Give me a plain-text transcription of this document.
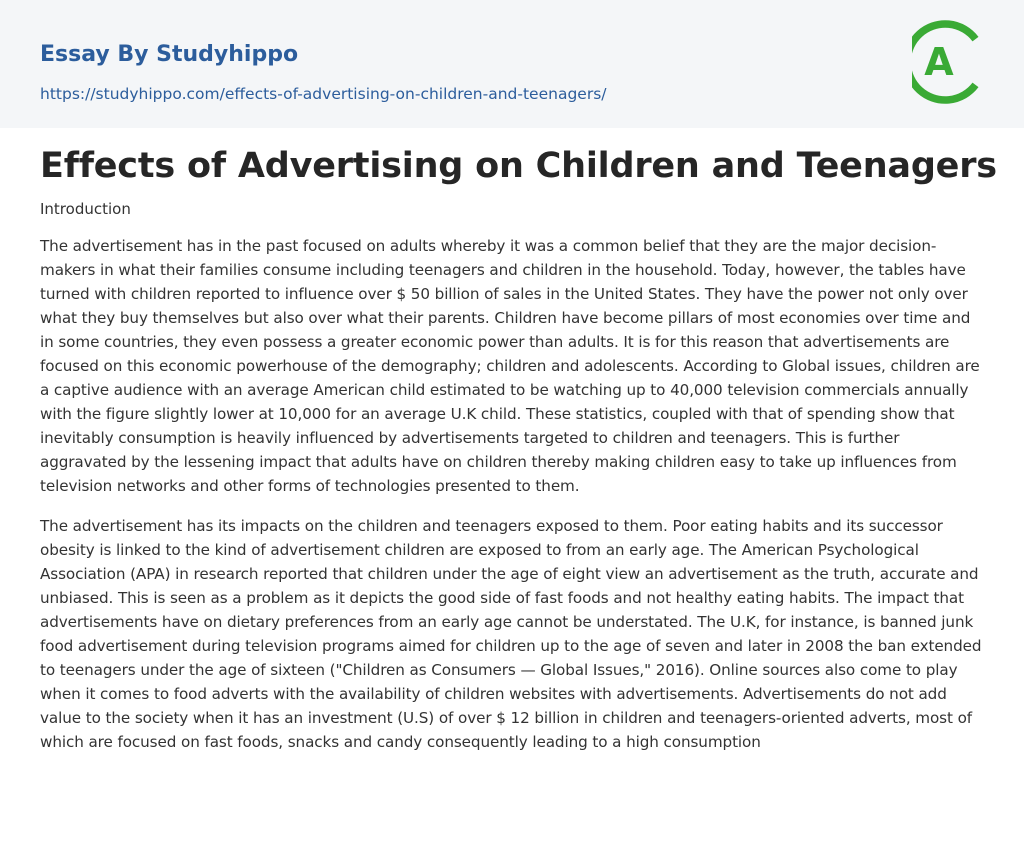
Essay By Studyhippo
https://studyhippo.com/effects-of-advertising-on-children-and-teenagers/
A
Effects of Advertising on Children and Teenagers
Introduction

The advertisement has in the past focused on adults whereby it was a common belief that they are the major decision-makers in what their families consume including teenagers and children in the household. Today, however, the tables have turned with children reported to influence over $ 50 billion of sales in the United States. They have the power not only over what they buy themselves but also over what their parents. Children have become pillars of most economies over time and in some countries, they even possess a greater economic power than adults. It is for this reason that advertisements are focused on this economic powerhouse of the demography; children and adolescents. According to Global issues, children are a captive audience with an average American child estimated to be watching up to 40,000 television commercials annually with the figure slightly lower at 10,000 for an average U.K child. These statistics, coupled with that of spending show that inevitably consumption is heavily influenced by advertisements targeted to children and teenagers. This is further aggravated by the lessening impact that adults have on children thereby making children easy to take up influences from television networks and other forms of technologies presented to them.

The advertisement has its impacts on the children and teenagers exposed to them. Poor eating habits and its successor obesity is linked to the kind of advertisement children are exposed to from an early age. The American Psychological Association (APA) in research reported that children under the age of eight view an advertisement as the truth, accurate and unbiased. This is seen as a problem as it depicts the good side of fast foods and not healthy eating habits. The impact that advertisements have on dietary preferences from an early age cannot be understated. The U.K, for instance, is banned junk food advertisement during television programs aimed for children up to the age of seven and later in 2008 the ban extended to teenagers under the age of sixteen ("Children as Consumers — Global Issues," 2016). Online sources also come to play when it comes to food adverts with the availability of children websites with advertisements. Advertisements do not add value to the society when it has an investment (U.S) of over $ 12 billion in children and teenagers-oriented adverts, most of which are focused on fast foods, snacks and candy consequently leading to a high consumption
